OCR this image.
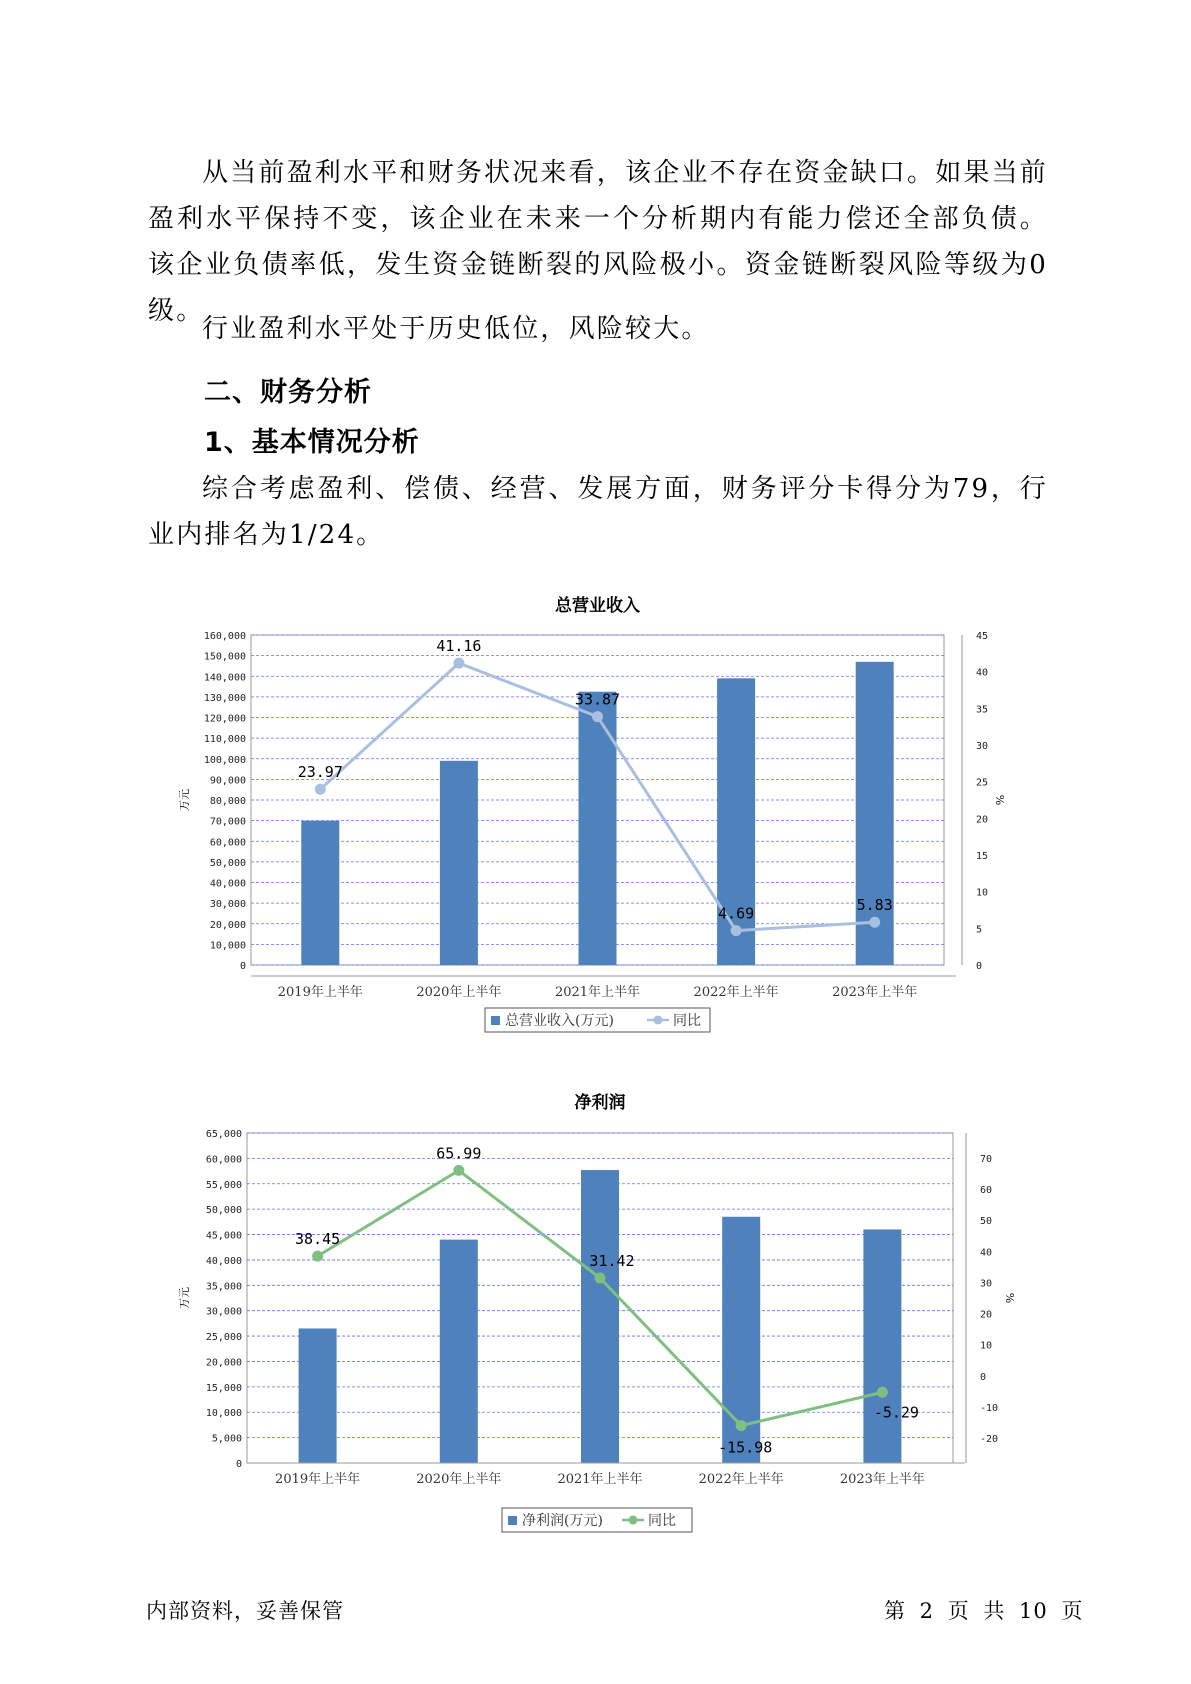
从当前盈利水平和财务状况来看，该企业不存在资金缺口。如果当前盈利水平保持不变，该企业在未来一个分析期内有能力偿还全部负债。该企业负债率低，发生资金链断裂的风险极小。资金链断裂风险等级为0级。

行业盈利水平处于历史低位，风险较大。

二、财务分析
1、基本情况分析

综合考虑盈利、偿债、经营、发展方面，财务评分卡得分为79，行业内排名为1/24。

总营业收入
0
10,000
20,000
30,000
40,000
50,000
60,000
70,000
80,000
90,000
100,000
110,000
120,000
130,000
140,000
150,000
160,000
0
5
10
15
20
25
30
35
40
45
万元	%
2019年上半年	2020年上半年	2021年上半年	2022年上半年	2023年上半年
23.97
41.16
33.87
4.69	5.83
总营业收入(万元)	同比
净利润
0
5,000
10,000
15,000
20,000
25,000
30,000
35,000
40,000
45,000
50,000
55,000
60,000
65,000
-20
-10
0
10
20
30
40
50
60
70
万元	%
2019年上半年	2020年上半年	2021年上半年	2022年上半年	2023年上半年
38.45
65.99
31.42
-15.98
-5.29
净利润(万元)	同比
内部资料，妥善保管	第 2 页 共 10 页
